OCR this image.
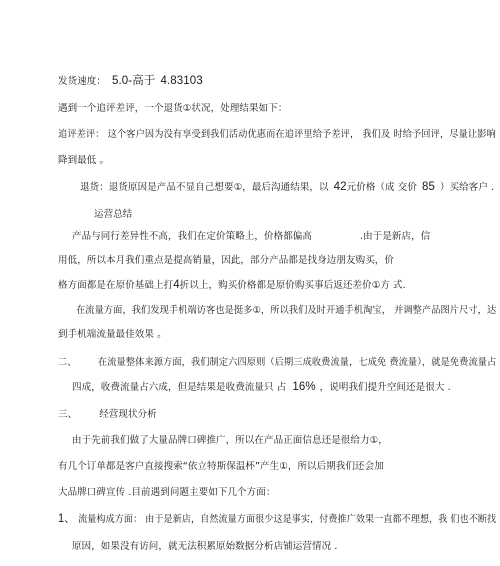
发货速度： 5.0-高于 4.83103
遇到一个追评差评，一个退货①状况，处理结果如下：
追评差评： 这个客户因为没有享受到我们活动优惠而在追评里给予差评， 我们及 时给予回评，尽量让影响
降到最低 。
退货：退货原因是产品不显自己想要①，最后沟通结果，以 42元价格（成 交价 85 ）买给客户 .
运营总结
产品与同行差异性不高，我们在定价策略上，价格都偏高	.由于是新店，信
用低，所以本月我们重点是提高销量，因此，部分产品都是找身边朋友购买，价
格方面都是在原价基础上打4折以上，购买价格都是原价购买事后返还差价①方 式.
在流量方面，我们发现手机端访客也是挺多①，所以我们及时开通手机淘宝， 并调整产品图片尺寸，达
到手机端流量最佳效果 。
二、 在流量整体来源方面，我们制定六四原则（后期三成收费流量，七成免 费流量），就是免费流量占
四成，收费流量占六成，但是结果是收费流量只 占 16% ，说明我们提升空间还是很大 .
三、 经营现状分析
由于先前我们做了大量品牌口碑推广，所以在产品正面信息还是很给力①，
有几个订单都是客户直接搜索“依立特斯保温杯”产生①，所以后期我们还会加
大品牌口碑宣传 .目前遇到问题主要如下几个方面：
1、 流量构成方面： 由于是新店，自然流量方面很少这是事实，付费推广效果一直都不理想，我 们也不断找
原因，如果没有访问，就无法积累原始数据分析店铺运营情况 .
